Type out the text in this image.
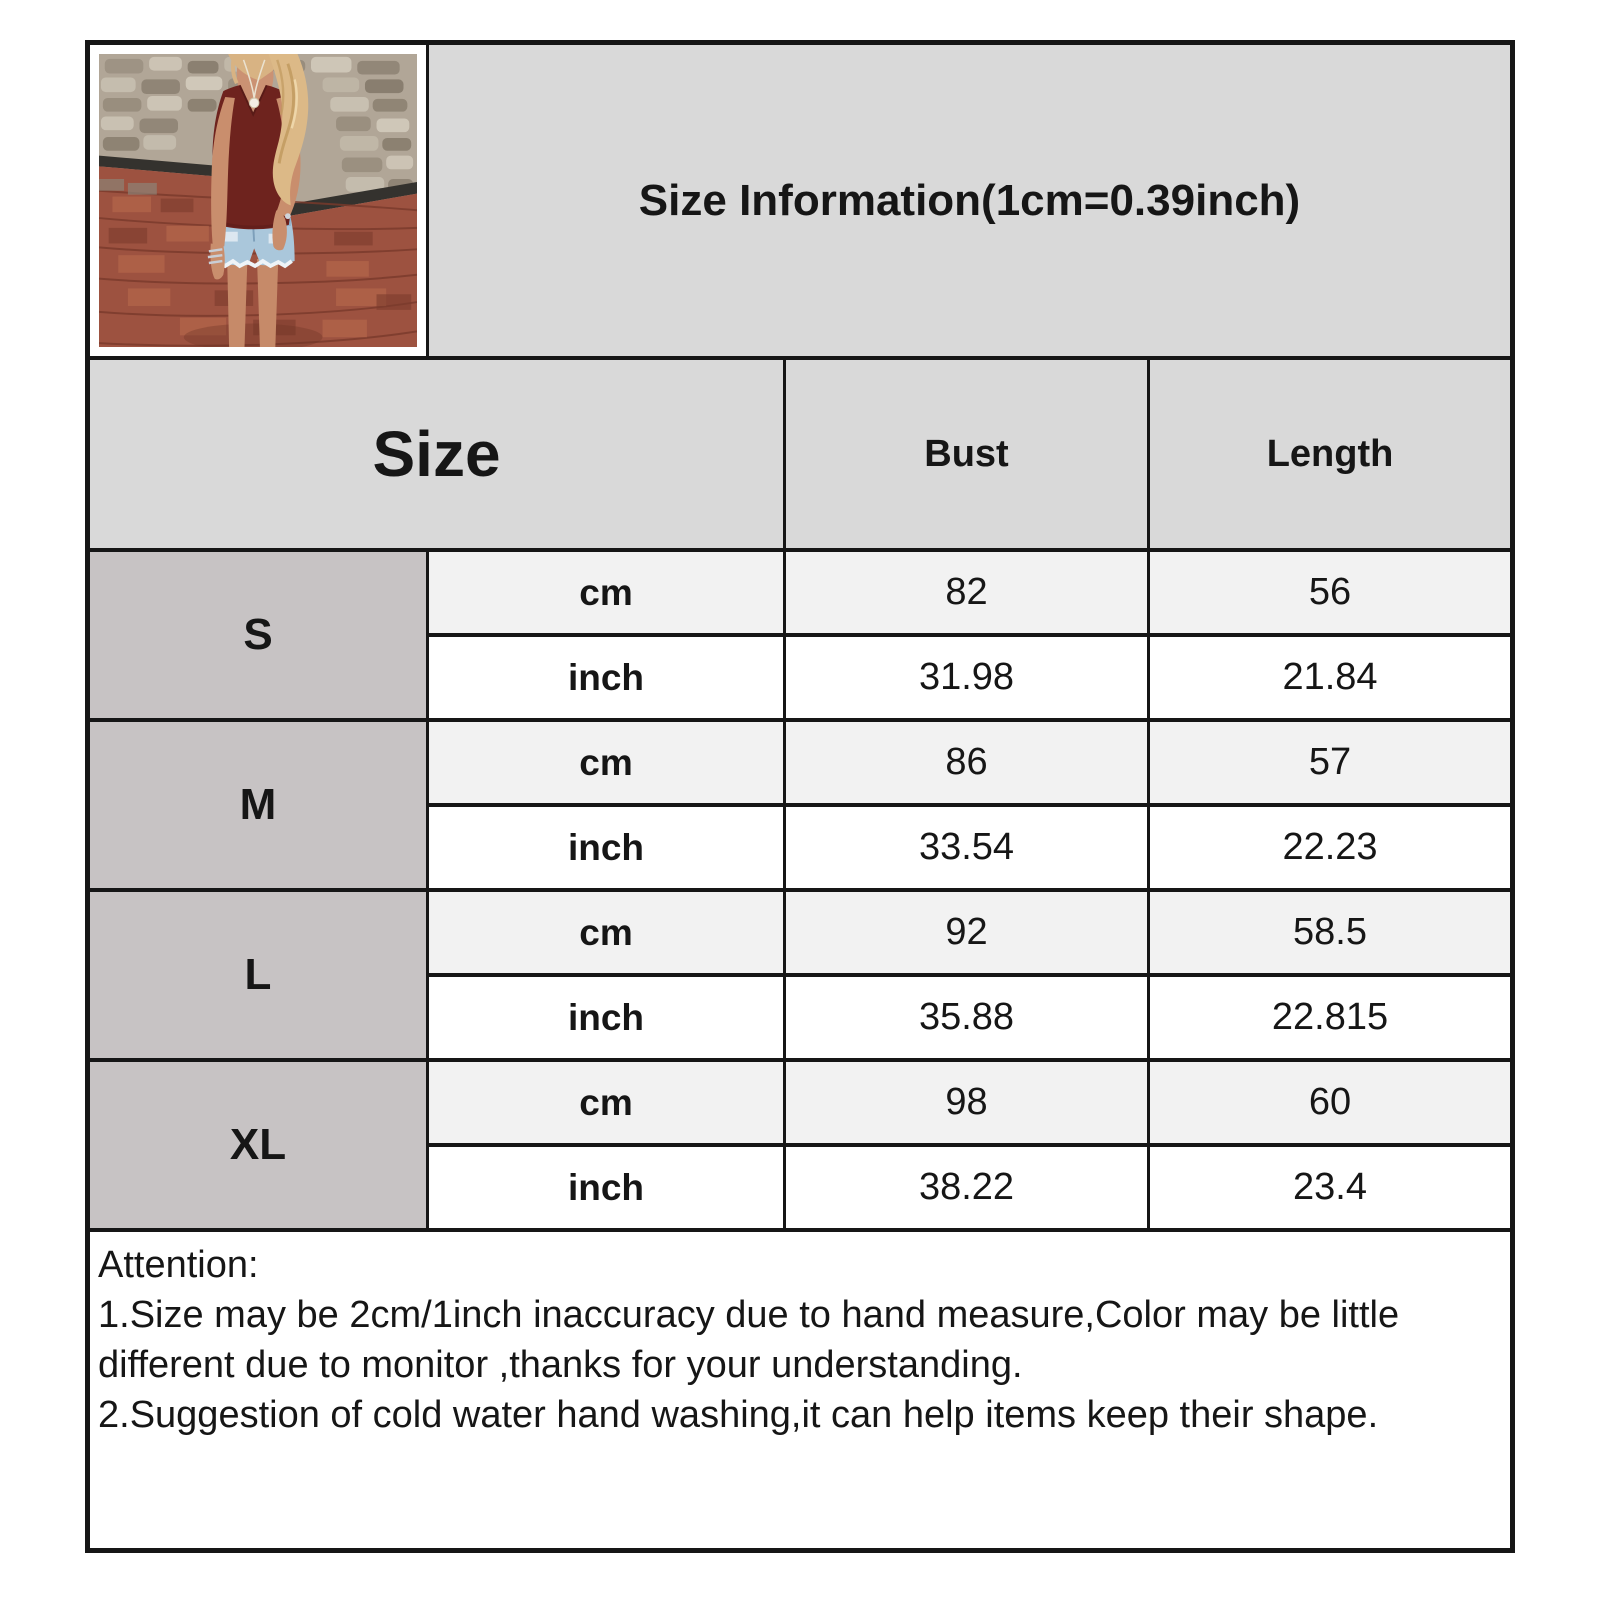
	Size Information(1cm=0.39inch)		
Size		Bust	Length
S	cm	82	56
	inch	31.98	21.84
M	cm	86	57
	inch	33.54	22.23
L	cm	92	58.5
	inch	35.88	22.815
XL	cm	98	60
	inch	38.22	23.4

Attention:
1.Size may be 2cm/1inch inaccuracy due to hand measure,Color may be little different due to monitor ,thanks for your understanding.
2.Suggestion of cold water hand washing,it can help items keep their shape.			
